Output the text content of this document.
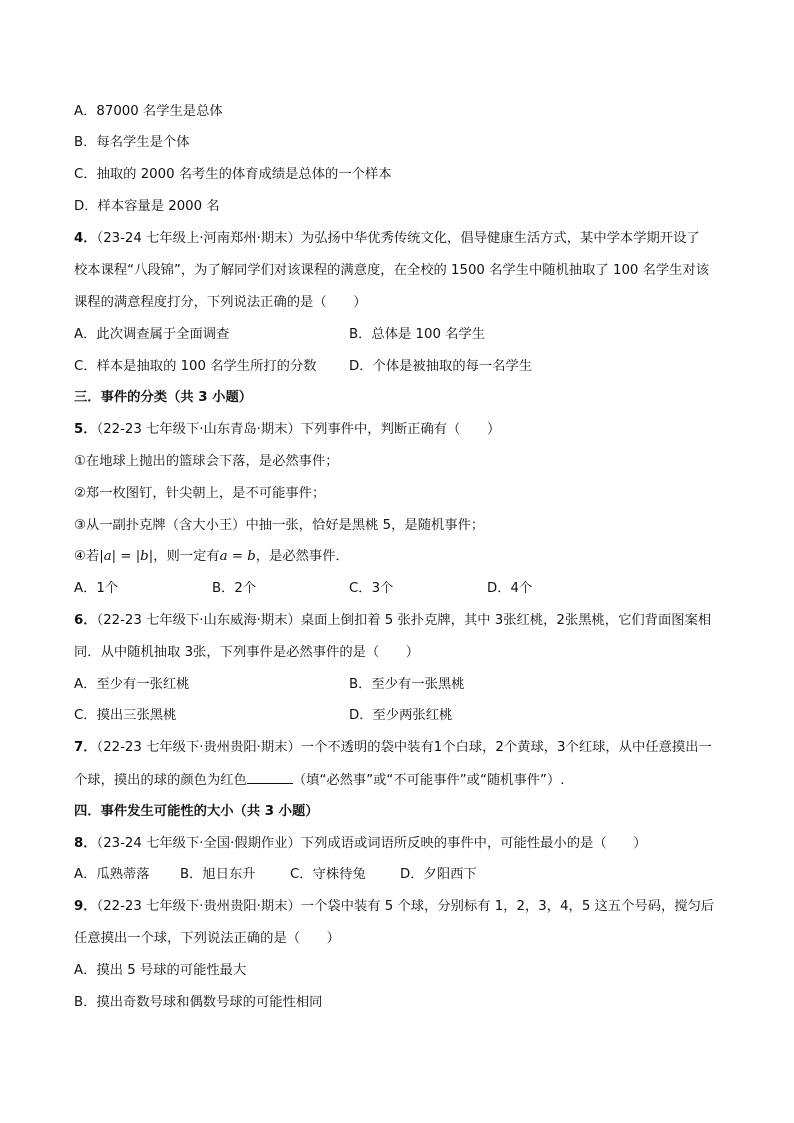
A．87000 名学生是总体
B．每名学生是个体
C．抽取的 2000 名考生的体育成绩是总体的一个样本
D．样本容量是 2000 名
4．（23-24 七年级上·河南郑州·期末）为弘扬中华优秀传统文化，倡导健康生活方式，某中学本学期开设了
校本课程“八段锦”，为了解同学们对该课程的满意度，在全校的 1500 名学生中随机抽取了 100 名学生对该
课程的满意程度打分，下列说法正确的是（　　）
A．此次调查属于全面调查	B．总体是 100 名学生
C．样本是抽取的 100 名学生所打的分数 D．个体是被抽取的每一名学生
三．事件的分类（共 3 小题）
5．（22-23 七年级下·山东青岛·期末）下列事件中，判断正确有（　　）
①在地球上抛出的篮球会下落，是必然事件；
②郑一枚图钉，针尖朝上，是不可能事件；
③从一副扑克牌（含大小王）中抽一张，恰好是黑桃 5，是随机事件；
④若|a| = |b|，则一定有a = b，是必然事件．
A．1个	B．2个	C．3个	D．4个
6．（22-23 七年级下·山东威海·期末）桌面上倒扣着 5 张扑克牌，其中 3张红桃，2张黑桃，它们背面图案相
同．从中随机抽取 3张，下列事件是必然事件的是（　　）
A．至少有一张红桃	B．至少有一张黑桃
C．摸出三张黑桃	D．至少两张红桃
7．（22-23 七年级下·贵州贵阳·期末）一个不透明的袋中装有1个白球，2个黄球，3个红球，从中任意摸出一
个球，摸出的球的颜色为红色	（填“必然事”或“不可能事件”或“随机事件”）.
四．事件发生可能性的大小（共 3 小题）
8．（23-24 七年级下·全国·假期作业）下列成语或词语所反映的事件中，可能性最小的是（　　）
A．瓜熟蒂落 B．旭日东升	C．守株待兔	D．夕阳西下
9．（22-23 七年级下·贵州贵阳·期末）一个袋中装有 5 个球，分别标有 1，2，3，4，5 这五个号码，搅匀后
任意摸出一个球，下列说法正确的是（　　）
A．摸出 5 号球的可能性最大
B．摸出奇数号球和偶数号球的可能性相同
